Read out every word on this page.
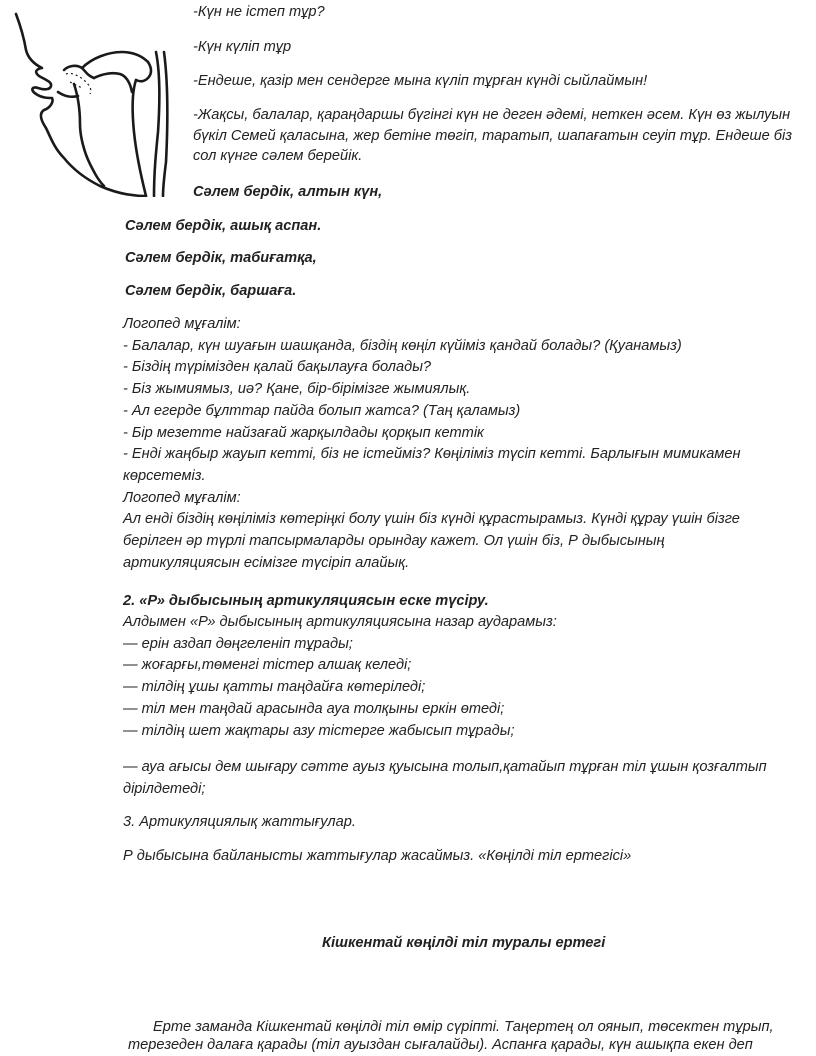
-Күн не істеп тұр?

-Күн күліп тұр

-Ендеше, қазір мен сендерге мына күліп тұрған күнді сыйлаймын!

-Жақсы, балалар, қараңдаршы бүгінгі күн не деген әдемі, неткен әсем. Күн өз жылуын бүкіл Семей қаласына, жер бетіне төгіп, таратып, шапағатын сеуіп тұр. Ендеше біз сол күнге сәлем берейік.

Сәлем бердік, алтын күн,

Сәлем бердік, ашық аспан.

Сәлем бердік, табиғатқа,

Сәлем бердік, баршаға.

Логопед мұғалім:
- Балалар, күн шуағын шашқанда, біздің көңіл күйіміз қандай болады? (Қуанамыз)
- Біздің түрімізден қалай бақылауға болады?
- Біз жымиямыз, иә? Қане, бір-бірімізге жымиялық.
- Ал егерде бұлттар пайда болып жатса? (Таң қаламыз)
- Бір мезетте найзағай жарқылдады қорқып кеттік
- Енді жаңбыр жауып кетті, біз не істейміз? Көңіліміз түсіп кетті. Барлығын мимикамен
көрсетеміз.
Логопед мұғалім:
Ал енді біздің көңіліміз көтеріңкі болу үшін біз күнді құрастырамыз. Күнді құрау үшін бізге
берілген әр түрлі тапсырмаларды орындау кажет. Ол үшін біз, Р дыбысының
артикуляциясын есімізге түсіріп алайық.

2. «Р» дыбысының артикуляциясын еске түсіру.

Алдымен «Р» дыбысының артикуляциясына назар аударамыз:
— ерін аздап дөңгеленіп тұрады;
— жоғарғы,төменгі тістер алшақ келеді;
— тілдің ұшы қатты таңдайға көтеріледі;
— тіл мен таңдай арасында ауа толқыны еркін өтеді;
— тілдің шет жақтары азу тістерге жабысып тұрады;
— ауа ағысы дем шығару сәтте ауыз қуысына толып,қатайып тұрған тіл ұшын қозғалтып
дірілдетеді;

3. Артикуляциялық жаттығулар.

Р дыбысына байланысты жаттығулар жасаймыз. «Көңілді тіл ертегісі»

Кішкентай көңілді тіл туралы ертегі

Ерте заманда Кішкентай көңілді тіл өмір сүріпті. Таңертең ол оянып, төсектен тұрып,

терезеден далаға қарады (тіл ауыздан сығалайды). Аспанға қарады, күн ашықпа екен деп
